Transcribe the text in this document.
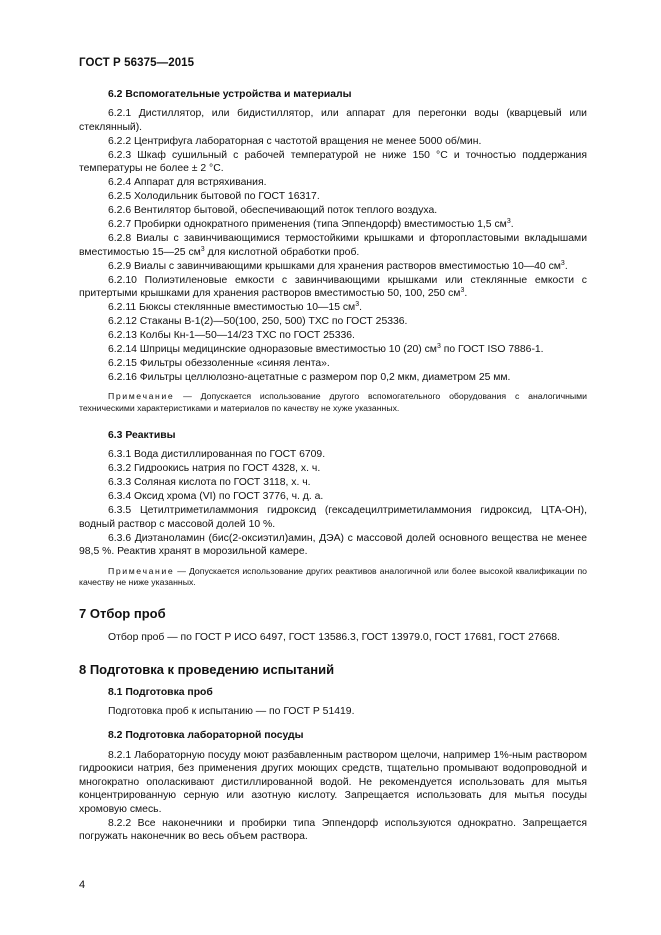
ГОСТ Р 56375—2015
6.2 Вспомогательные устройства и материалы
6.2.1 Дистиллятор, или бидистиллятор, или аппарат для перегонки воды (кварцевый или стеклянный).
6.2.2 Центрифуга лабораторная с частотой вращения не менее 5000 об/мин.
6.2.3 Шкаф сушильный с рабочей температурой не ниже 150 °С и точностью поддержания температуры не более ± 2 °С.
6.2.4 Аппарат для встряхивания.
6.2.5 Холодильник бытовой по ГОСТ 16317.
6.2.6 Вентилятор бытовой, обеспечивающий поток теплого воздуха.
6.2.7 Пробирки однократного применения (типа Эппендорф) вместимостью 1,5 $см^3$.
6.2.8 Виалы с завинчивающимися термостойкими крышками и фторопластовыми вкладышами вместимостью 15—25 $см^3$ для кислотной обработки проб.
6.2.9 Виалы с завинчивающими крышками для хранения растворов вместимостью 10—40 $см^3$.
6.2.10 Полиэтиленовые емкости с завинчивающими крышками или стеклянные емкости с притертыми крышками для хранения растворов вместимостью 50, 100, 250 $см^3$.
6.2.11 Бюксы стеклянные вместимостью 10—15 $см^3$.
6.2.12 Стаканы В-1(2)—50(100, 250, 500) ТХС по ГОСТ 25336.
6.2.13 Колбы Кн-1—50—14/23 ТХС по ГОСТ 25336.
6.2.14 Шприцы медицинские одноразовые вместимостью 10 (20) $см^3$ по ГОСТ ISO 7886-1.
6.2.15 Фильтры обеззоленные «синяя лента».
6.2.16 Фильтры целлюлозно-ацетатные с размером пор 0,2 мкм, диаметром 25 мм.
Примечание — Допускается использование другого вспомогательного оборудования с аналогичными техническими характеристиками и материалов по качеству не хуже указанных.
6.3 Реактивы
6.3.1 Вода дистиллированная по ГОСТ 6709.
6.3.2 Гидроокись натрия по ГОСТ 4328, х. ч.
6.3.3 Соляная кислота по ГОСТ 3118, х. ч.
6.3.4 Оксид хрома (VI) по ГОСТ 3776, ч. д. а.
6.3.5 Цетилтриметиламмония гидроксид (гексадецилтриметиламмония гидроксид, ЦТА-ОН), водный раствор с массовой долей 10 %.
6.3.6 Диэтаноламин (бис(2-оксиэтил)амин, ДЭА) с массовой долей основного вещества не менее 98,5 %. Реактив хранят в морозильной камере.
Примечание — Допускается использование других реактивов аналогичной или более высокой квалификации по качеству не ниже указанных.
7 Отбор проб
Отбор проб — по ГОСТ Р ИСО 6497, ГОСТ 13586.3, ГОСТ 13979.0, ГОСТ 17681, ГОСТ 27668.
8 Подготовка к проведению испытаний
8.1 Подготовка проб
Подготовка проб к испытанию — по ГОСТ Р 51419.
8.2 Подготовка лабораторной посуды
8.2.1 Лабораторную посуду моют разбавленным раствором щелочи, например 1%-ным раствором гидроокиси натрия, без применения других моющих средств, тщательно промывают водопроводной и многократно ополаскивают дистиллированной водой. Не рекомендуется использовать для мытья концентрированную серную или азотную кислоту. Запрещается использовать для мытья посуды хромовую смесь.
8.2.2 Все наконечники и пробирки типа Эппендорф используются однократно. Запрещается погружать наконечник во весь объем раствора.
4
